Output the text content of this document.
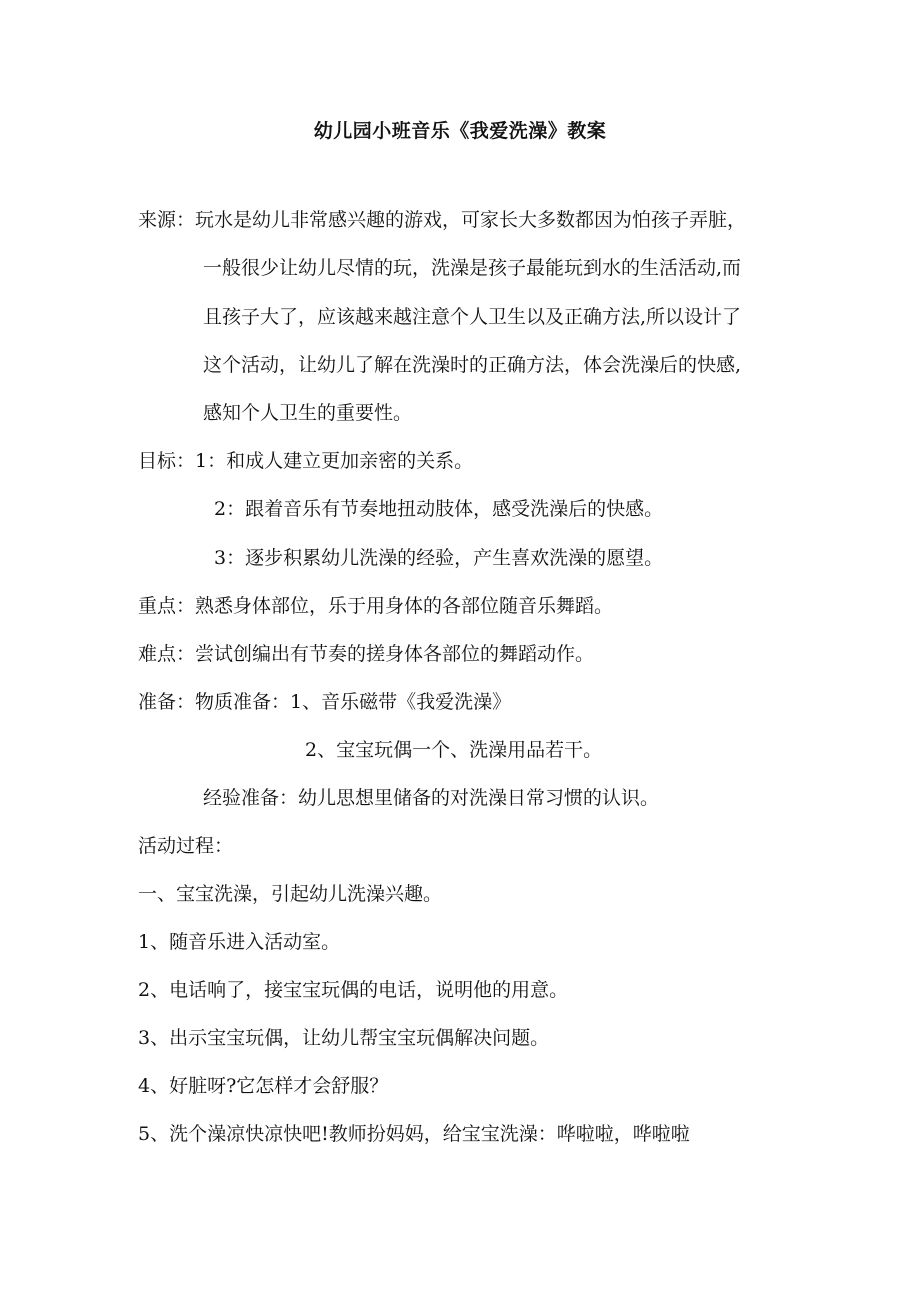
幼儿园小班音乐《我爱洗澡》教案
来源：玩水是幼儿非常感兴趣的游戏，可家长大多数都因为怕孩子弄脏，
一般很少让幼儿尽情的玩，洗澡是孩子最能玩到水的生活活动,而
且孩子大了，应该越来越注意个人卫生以及正确方法,所以设计了
这个活动，让幼儿了解在洗澡时的正确方法，体会洗澡后的快感,
感知个人卫生的重要性。
目标：1：和成人建立更加亲密的关系。
2：跟着音乐有节奏地扭动肢体，感受洗澡后的快感。
3：逐步积累幼儿洗澡的经验，产生喜欢洗澡的愿望。
重点：熟悉身体部位，乐于用身体的各部位随音乐舞蹈。
难点：尝试创编出有节奏的搓身体各部位的舞蹈动作。
准备：物质准备：1、音乐磁带《我爱洗澡》
2、宝宝玩偶一个、洗澡用品若干。
经验准备：幼儿思想里储备的对洗澡日常习惯的认识。
活动过程：
一、宝宝洗澡，引起幼儿洗澡兴趣。
1、随音乐进入活动室。
2、电话响了，接宝宝玩偶的电话，说明他的用意。
3、出示宝宝玩偶，让幼儿帮宝宝玩偶解决问题。
4、好脏呀?它怎样才会舒服？
5、洗个澡凉快凉快吧!教师扮妈妈，给宝宝洗澡：哗啦啦，哗啦啦
